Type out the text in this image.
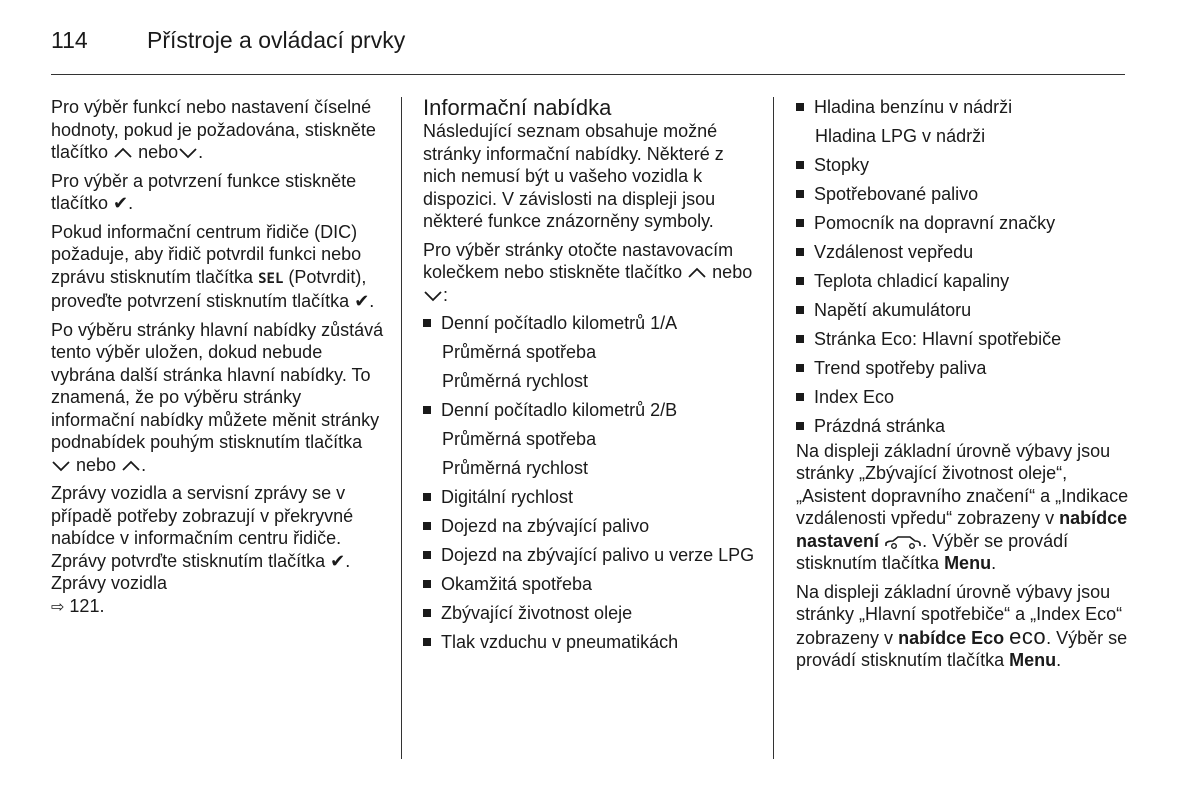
114	Přístroje a ovládací prvky

Pro výběr funkcí nebo nastavení číselné hodnoty, pokud je požadována, stiskněte tlačítko nebo .

Pro výběr a potvrzení funkce stiskněte tlačítko ✔.

Pokud informační centrum řidiče (DIC) požaduje, aby řidič potvrdil funkci nebo zprávu stisknutím tlačítka SEL (Potvrdit), proveďte potvrzení stisknutím tlačítka ✔.

Po výběru stránky hlavní nabídky zůstává tento výběr uložen, dokud nebude vybrána další stránka hlavní nabídky. To znamená, že po výběru stránky informační nabídky můžete měnit stránky podnabídek pouhým stisknutím tlačítka  nebo .

Zprávy vozidla a servisní zprávy se v případě potřeby zobrazují v překryvné nabídce v informačním centru řidiče. Zprávy potvrďte stisknutím tlačítka ✔. Zprávy vozidla
⇨ 121.

Informační nabídka

Následující seznam obsahuje možné stránky informační nabídky. Některé z nich nemusí být u vašeho vozidla k dispozici. V závislosti na displeji jsou některé funkce znázorněny symboly.

Pro výběr stránky otočte nastavovacím kolečkem nebo stiskněte tlačítko nebo :

Denní počítadlo kilometrů 1/A
Průměrná spotřeba
Průměrná rychlost
Denní počítadlo kilometrů 2/B
Průměrná spotřeba
Průměrná rychlost
Digitální rychlost
Dojezd na zbývající palivo
Dojezd na zbývající palivo u verze LPG
Okamžitá spotřeba
Zbývající životnost oleje
Tlak vzduchu v pneumatikách
Hladina benzínu v nádrži
Hladina LPG v nádrži
Stopky
Spotřebované palivo
Pomocník na dopravní značky
Vzdálenost vepředu
Teplota chladicí kapaliny
Napětí akumulátoru
Stránka Eco: Hlavní spotřebiče
Trend spotřeby paliva
Index Eco
Prázdná stránka

Na displeji základní úrovně výbavy jsou stránky „Zbývající životnost oleje“, „Asistent dopravního značení“ a „Indikace vzdálenosti vpředu“ zobrazeny v nabídce nastavení . Výběr se provádí stisknutím tlačítka Menu.

Na displeji základní úrovně výbavy jsou stránky „Hlavní spotřebiče“ a „Index Eco“ zobrazeny v nabídce Eco eco. Výběr se provádí stisknutím tlačítka Menu.
